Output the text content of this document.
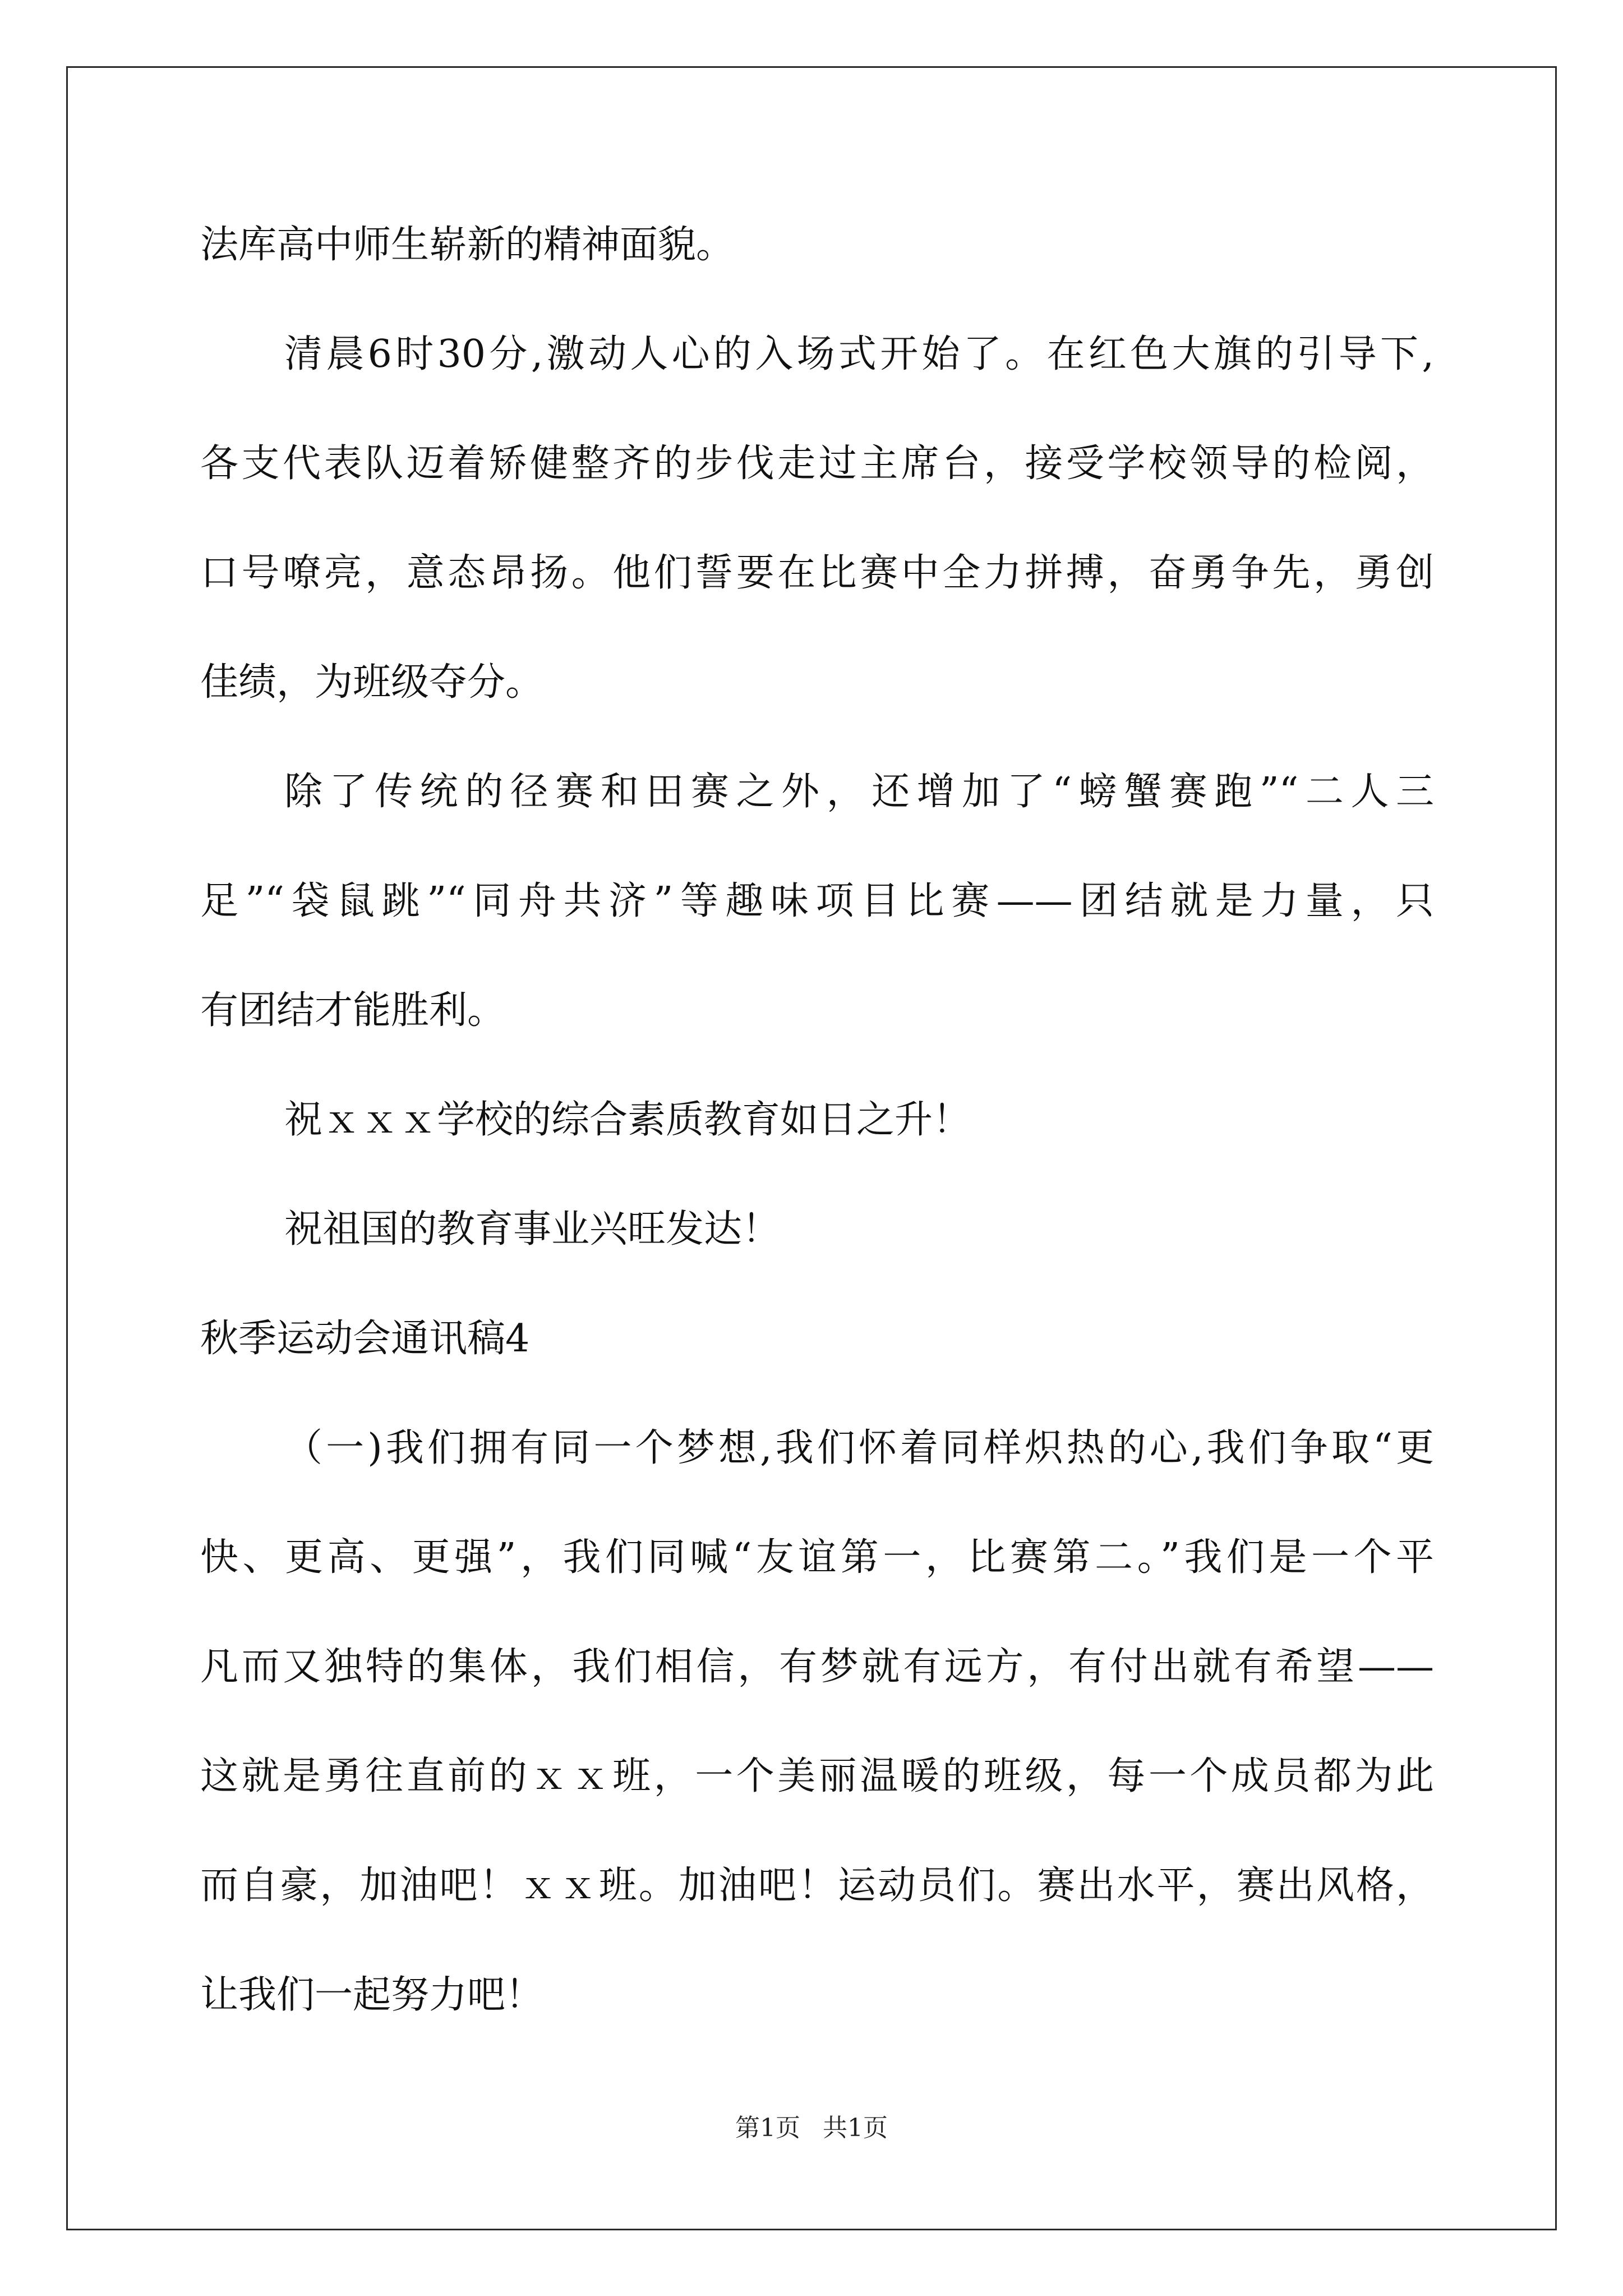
法库高中师生崭新的精神面貌。

清晨6时30分,激动人心的入场式开始了。在红色大旗的引导下,

各支代表队迈着矫健整齐的步伐走过主席台，接受学校领导的检阅，

口号嘹亮，意态昂扬。他们誓要在比赛中全力拼搏，奋勇争先，勇创

佳绩，为班级夺分。

除了传统的径赛和田赛之外，还增加了“螃蟹赛跑”“二人三

足”“袋鼠跳”“同舟共济”等趣味项目比赛——团结就是力量，只

有团结才能胜利。

祝ｘｘｘ学校的综合素质教育如日之升！

祝祖国的教育事业兴旺发达！

秋季运动会通讯稿4

（一)我们拥有同一个梦想,我们怀着同样炽热的心,我们争取“更

快、更高、更强”，我们同喊“友谊第一，比赛第二。”我们是一个平

凡而又独特的集体，我们相信，有梦就有远方，有付出就有希望——

这就是勇往直前的ｘｘ班，一个美丽温暖的班级，每一个成员都为此

而自豪，加油吧！ｘｘ班。加油吧！运动员们。赛出水平，赛出风格，

让我们一起努力吧！

第1页 共1页
